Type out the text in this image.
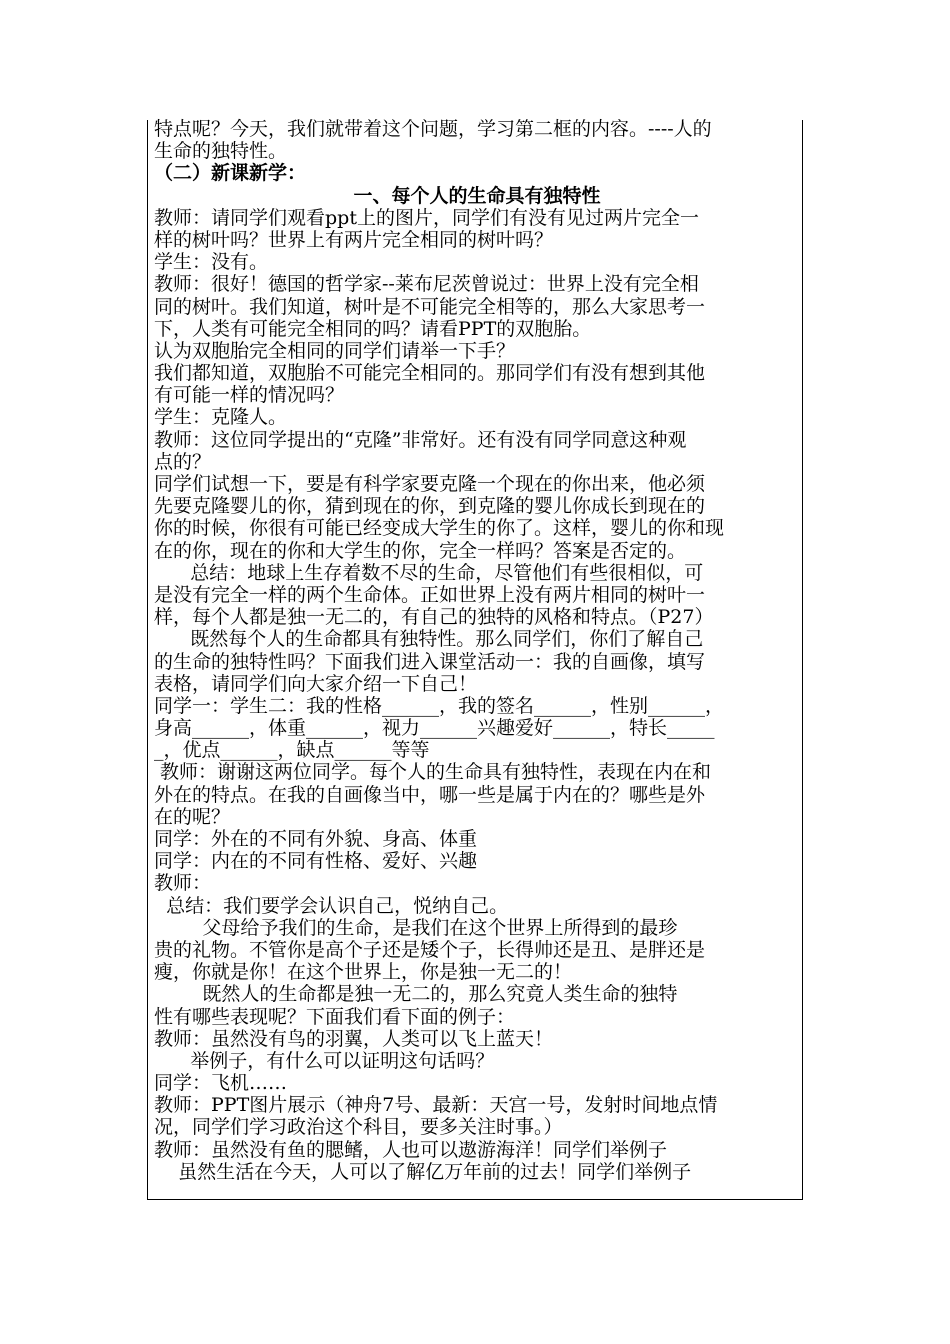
特点呢？今天，我们就带着这个问题，学习第二框的内容。----人的
生命的独特性。
（二）新课新学：
一、每个人的生命具有独特性
教师：请同学们观看ppt上的图片，同学们有没有见过两片完全一
样的树叶吗？世界上有两片完全相同的树叶吗？
学生：没有。
教师：很好！德国的哲学家--莱布尼茨曾说过：世界上没有完全相
同的树叶。我们知道，树叶是不可能完全相等的，那么大家思考一
下，人类有可能完全相同的吗？请看PPT的双胞胎。
认为双胞胎完全相同的同学们请举一下手？
我们都知道，双胞胎不可能完全相同的。那同学们有没有想到其他
有可能一样的情况吗？
学生：克隆人。
教师：这位同学提出的“克隆”非常好。还有没有同学同意这种观
点的？
同学们试想一下，要是有科学家要克隆一个现在的你出来，他必须
先要克隆婴儿的你，猜到现在的你，到克隆的婴儿你成长到现在的
你的时候，你很有可能已经变成大学生的你了。这样，婴儿的你和现
在的你，现在的你和大学生的你，完全一样吗？答案是否定的。
总结：地球上生存着数不尽的生命，尽管他们有些很相似，可
是没有完全一样的两个生命体。正如世界上没有两片相同的树叶一
样，每个人都是独一无二的，有自己的独特的风格和特点。（P27）
既然每个人的生命都具有独特性。那么同学们，你们了解自己
的生命的独特性吗？下面我们进入课堂活动一：我的自画像，填写
表格，请同学们向大家介绍一下自己！
同学一：学生二：我的性格______，我的签名______，性别______，
身高______，体重______，视力______兴趣爱好______，特长_____
_，优点______，缺点______等等
教师：谢谢这两位同学。每个人的生命具有独特性，表现在内在和
外在的特点。在我的自画像当中，哪一些是属于内在的？哪些是外
在的呢？
同学：外在的不同有外貌、身高、体重
同学：内在的不同有性格、爱好、兴趣
教师：
总结：我们要学会认识自己，悦纳自己。
父母给予我们的生命，是我们在这个世界上所得到的最珍
贵的礼物。不管你是高个子还是矮个子，长得帅还是丑、是胖还是
瘦，你就是你！在这个世界上，你是独一无二的！
既然人的生命都是独一无二的，那么究竟人类生命的独特
性有哪些表现呢？下面我们看下面的例子：
教师：虽然没有鸟的羽翼，人类可以飞上蓝天！
举例子，有什么可以证明这句话吗？
同学：飞机……
教师：PPT图片展示（神舟7号、最新：天宫一号，发射时间地点情
况，同学们学习政治这个科目，要多关注时事。）
教师：虽然没有鱼的腮鳍，人也可以遨游海洋！同学们举例子
虽然生活在今天，人可以了解亿万年前的过去！同学们举例子
